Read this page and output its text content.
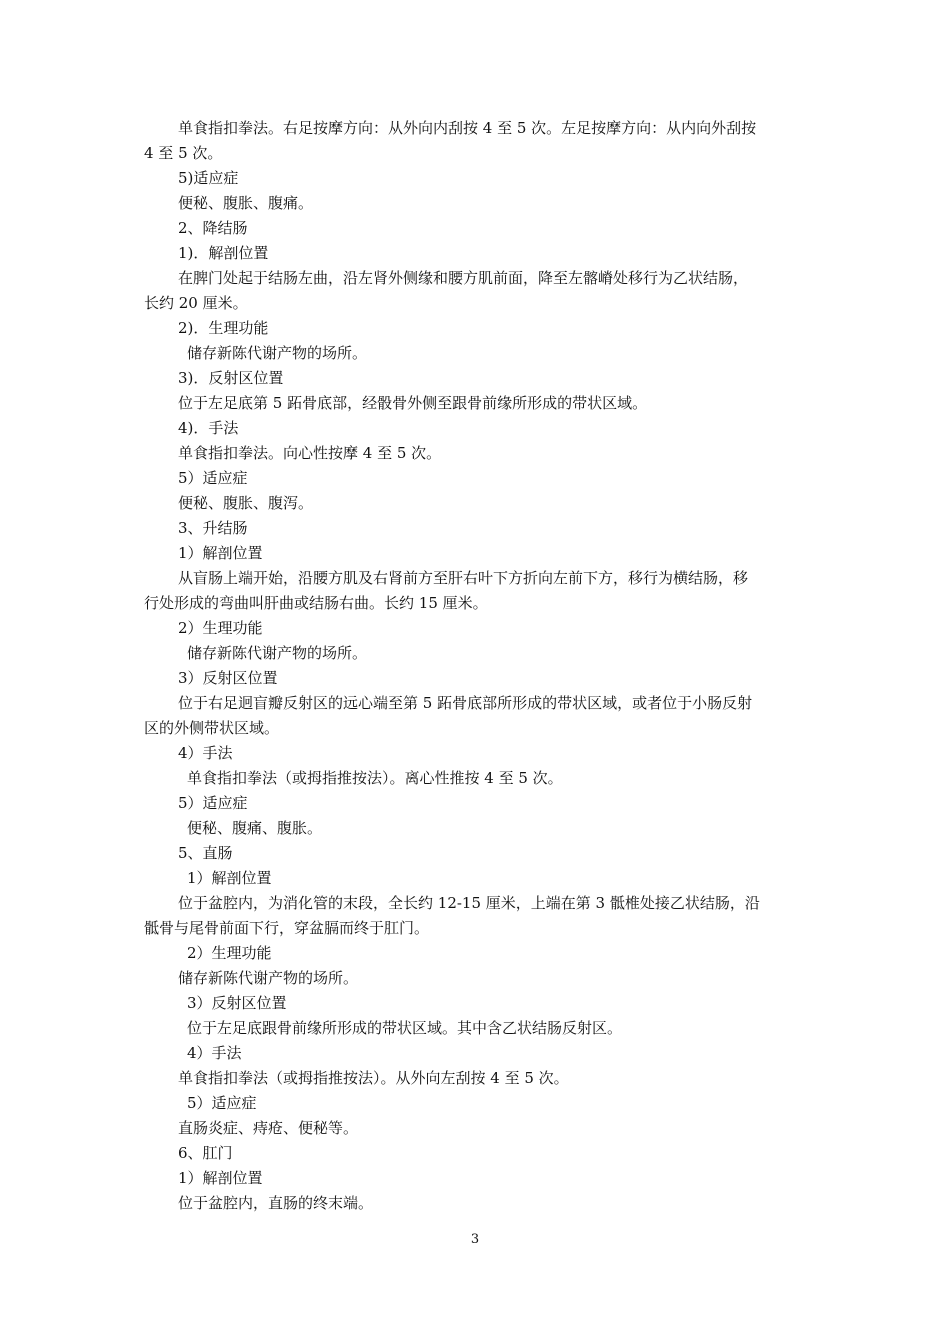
单食指扣拳法。右足按摩方向：从外向内刮按 4 至 5 次。左足按摩方向：从内向外刮按
4 至 5 次。
5)适应症
便秘、腹胀、腹痛。
2、降结肠
1)．解剖位置
在脾门处起于结肠左曲，沿左肾外侧缘和腰方肌前面，降至左髂嵴处移行为乙状结肠，
长约 20 厘米。
2)．生理功能
储存新陈代谢产物的场所。
3)．反射区位置
位于左足底第 5 跖骨底部，经骰骨外侧至跟骨前缘所形成的带状区域。
4)．手法
单食指扣拳法。向心性按摩 4 至 5 次。
5）适应症
便秘、腹胀、腹泻。
3、升结肠
1）解剖位置
从盲肠上端开始，沿腰方肌及右肾前方至肝右叶下方折向左前下方，移行为横结肠，移
行处形成的弯曲叫肝曲或结肠右曲。长约 15 厘米。
2）生理功能
储存新陈代谢产物的场所。
3）反射区位置
位于右足迥盲瓣反射区的远心端至第 5 跖骨底部所形成的带状区域，或者位于小肠反射
区的外侧带状区域。
4）手法
单食指扣拳法（或拇指推按法）。离心性推按 4 至 5 次。
5）适应症
便秘、腹痛、腹胀。
5、直肠
1）解剖位置
位于盆腔内，为消化管的末段，全长约 12-15 厘米，上端在第 3 骶椎处接乙状结肠，沿
骶骨与尾骨前面下行，穿盆膈而终于肛门。
2）生理功能
储存新陈代谢产物的场所。
3）反射区位置
位于左足底跟骨前缘所形成的带状区域。其中含乙状结肠反射区。
4）手法
单食指扣拳法（或拇指推按法）。从外向左刮按 4 至 5 次。
5）适应症
直肠炎症、痔疮、便秘等。
6、肛门
1）解剖位置
位于盆腔内，直肠的终末端。
3
